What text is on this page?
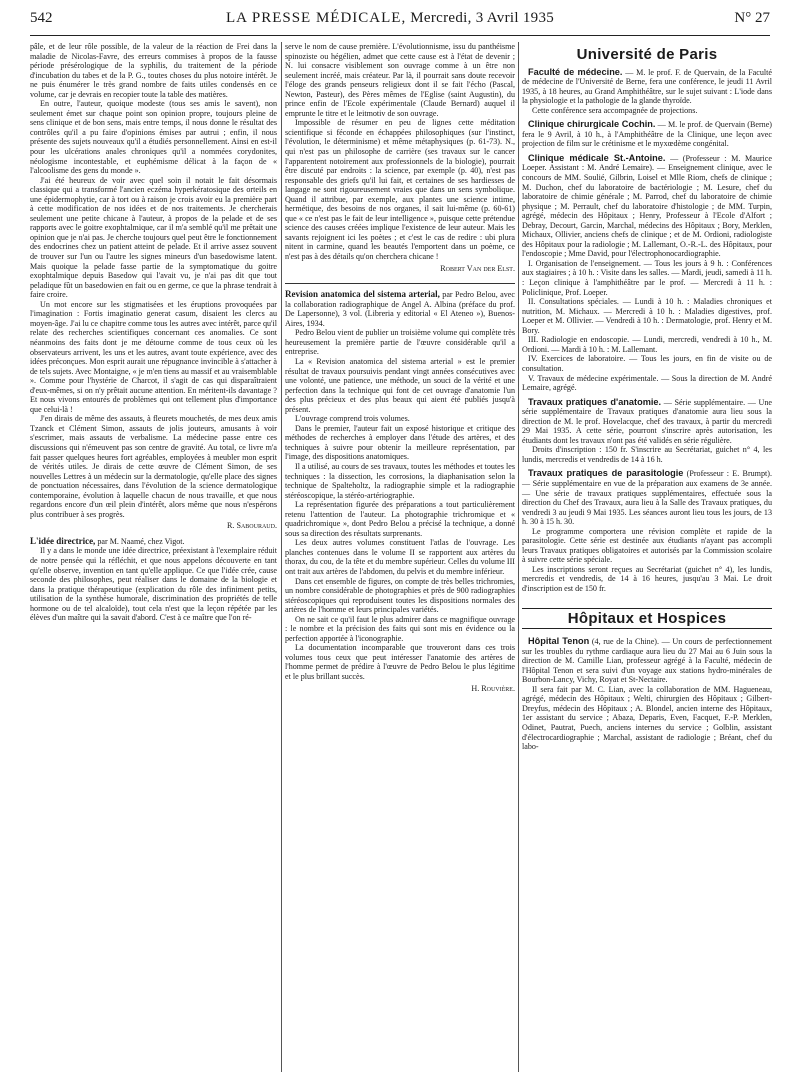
542	LA PRESSE MÉDICALE, Mercredi, 3 Avril 1935	N° 27

pâle, et de leur rôle possible, de la valeur de la réaction de Frei dans la maladie de Nicolas-Favre, des erreurs commises à propos de la fausse période présérologique de la syphilis, du traitement de la période d'incubation du tabes et de la P. G., toutes choses du plus notoire intérêt. Je ne puis énumérer le très grand nombre de faits utiles condensés en ce volume, car je devrais en recopier toute la table des matières.

En outre, l'auteur, quoique modeste (tous ses amis le savent), non seulement émet sur chaque point son opinion propre, toujours pleine de sens clinique et de bon sens, mais entre temps, il nous donne le résultat des contrôles qu'il a pu faire d'opinions émises par autrui ; enfin, il nous présente des sujets nouveaux qu'il a étudiés personnellement. Ainsi en est-il pour les ulcérations anales chroniques qu'il a nommées corydonites, néologisme incontestable, et euphémisme délicat à la façon de « l'alcoolisme des gens du monde ».

J'ai été heureux de voir avec quel soin il notait le fait désormais classique qui a transformé l'ancien eczéma hyperkératosique des orteils en une épidermophytie, car à tort ou à raison je crois avoir eu la première part à cette modification de nos idées et de nos traitements. Je chercherais seulement une petite chicane à l'auteur, à propos de la pelade et de ses rapports avec le goitre exophtalmique, car il m'a semblé qu'il me prêtait une opinion que je n'ai pas. Je cherche toujours quel peut être le fonctionnement des endocrines chez un patient atteint de pelade. Et il arrive assez souvent de trouver sur l'un ou l'autre les signes mineurs d'un basedowisme latent. Mais quoique la pelade fasse partie de la symptomatique du goitre exophtalmique depuis Basedow qui l'avait vu, je n'ai pas dit que tout peladique fût un basedowien en fait ou en germe, ce que la phrase tendrait à faire croire.

Un mot encore sur les stigmatisées et les éruptions provoquées par l'imagination : Fortis imaginatio generat casum, disaient les clercs au moyen-âge. J'ai lu ce chapitre comme tous les autres avec intérêt, parce qu'il relate des recherches scientifiques concernant ces anomalies. Ce sont néanmoins des faits dont je me détourne comme de tous ceux où les observateurs arrivent, les uns et les autres, avant toute expérience, avec des idées préconçues. Mon esprit aurait une répugnance invincible à s'attacher à de tels sujets. Avec Montaigne, « je m'en tiens au massif et au vraisemblable ». Comme pour l'hystérie de Charcot, il s'agit de cas qui disparaîtraient d'eux-mêmes, si on n'y prêtait aucune attention. En méritent-ils davantage ? Et nous vivons entourés de problèmes qui ont tellement plus d'importance que celui-là !

J'en dirais de même des assauts, à fleurets mouchetés, de mes deux amis Tzanck et Clément Simon, assauts de jolis jouteurs, amusants à voir s'escrimer, mais assauts de verbalisme. La médecine passe entre ces discussions qui n'émeuvent pas son centre de gravité. Au total, ce livre m'a fait passer quelques heures fort agréables, employées à meubler mon esprit de vérités utiles. Je dirais de cette œuvre de Clément Simon, de ses nouvelles Lettres à un médecin sur la dermatologie, qu'elle place des signes de ponctuation nécessaires, dans l'évolution de la science dermatologique contemporaine, évolution à laquelle chacun de nous travaille, et que nous regardons encore d'un œil plein d'intérêt, alors même que nous n'espérons plus contribuer à ses progrès.

R. Sabouraud.

L'idée directrice, par M. Naamé, chez Vigot.

Il y a dans le monde une idée directrice, préexistant à l'exemplaire réduit de notre pensée qui la réfléchit, et que nous appelons découverte en tant qu'elle observe, invention en tant qu'elle applique. Ce que l'idée crée, cause seconde des philosophes, peut réaliser dans le domaine de la biologie et dans la pratique thérapeutique (explication du rôle des infiniment petits, utilisation de la synthèse humorale, discrimination des propriétés de telle hormone ou de tel alcaloïde), tout cela n'est que la leçon répétée par les élèves d'un maître qui la savait d'abord. C'est à ce maître que l'on ré-

serve le nom de cause première. L'évolutionnisme, issu du panthéisme spinoziste ou hégélien, admet que cette cause est à l'état de devenir ; N. lui consacre visiblement son ouvrage comme à un être non seulement incréé, mais créateur. Par là, il pourrait sans doute recevoir l'éloge des grands penseurs religieux dont il se fait l'écho (Pascal, Newton, Pasteur), des Pères mêmes de l'Eglise (saint Augustin), du prince enfin de l'Ecole expérimentale (Claude Bernard) auquel il emprunte le titre et le leitmotiv de son ouvrage.

Impossible de résumer en peu de lignes cette méditation scientifique si féconde en échappées philosophiques (sur l'instinct, l'évolution, le déterminisme) et même métaphysiques (p. 61-73). N., qui n'est pas un philosophe de carrière (ses travaux sur le cancer l'apparentent notoirement aux professionnels de la biologie), pourrait être discuté par endroits : la science, par exemple (p. 40), n'est pas responsable des griefs qu'il lui fait, et certaines de ses hardiesses de langage ne sont rigoureusement vraies que dans un sens symbolique. Quand il attribue, par exemple, aux plantes une science intime, hermétique, des besoins de nos organes, il sait lui-même (p. 60-61) que « ce n'est pas le fait de leur intelligence », puisque cette prétendue science des causes créées implique l'existence de leur auteur. Mais les savants rejoignent ici les poètes ; et c'est le cas de redire : ubi plura nitent in carmine, quand les beautés l'emportent dans un poème, ce n'est pas à des détails qu'on cherchera chicane !

Robert Van der Elst.

Revision anatomica del sistema arterial, par Pedro Belou, avec la collaboration radiographique de Angel A. Albina (préface du prof. De Lapersonne), 3 vol. (Libreria y editorial « El Ateneo »), Buenos-Aires, 1934.

Pedro Belou vient de publier un troisième volume qui complète très heureusement la première partie de l'œuvre considérable qu'il a entreprise.

La « Revision anatomica del sistema arterial » est le premier résultat de travaux poursuivis pendant vingt années consécutives avec une volonté, une patience, une méthode, un souci de la vérité et une perfection dans la technique qui font de cet ouvrage d'anatomie l'un des plus précieux et des plus beaux qui aient été publiés jusqu'à présent.

L'ouvrage comprend trois volumes.

Dans le premier, l'auteur fait un exposé historique et critique des méthodes de recherches à employer dans l'étude des artères, et des techniques à suivre pour obtenir la meilleure représentation, par l'image, des dispositions anatomiques.

Il a utilisé, au cours de ses travaux, toutes les méthodes et toutes les techniques : la dissection, les corrosions, la diaphanisation selon la technique de Spalteholtz, la radiographie simple et la radiographie stéréoscopique, la stéréo-artériographie.

La représentation figurée des préparations a tout particulièrement retenu l'attention de l'auteur. La photographie trichromique et « quadrichromique », dont Pedro Belou a précisé la technique, a donné sous sa direction des résultats surprenants.

Les deux autres volumes constituent l'atlas de l'ouvrage. Les planches contenues dans le volume II se rapportent aux artères du thorax, du cou, de la tête et du membre supérieur. Celles du volume III ont trait aux artères de l'abdomen, du pelvis et du membre inférieur.

Dans cet ensemble de figures, on compte de très belles trichromies, un nombre considérable de photographies et près de 900 radiographies stéréoscopiques qui reproduisent toutes les dispositions normales des artères de l'homme et leurs principales variétés.

On ne sait ce qu'il faut le plus admirer dans ce magnifique ouvrage : le nombre et la précision des faits qui sont mis en évidence ou la perfection apportée à l'iconographie.

La documentation incomparable que trouveront dans ces trois volumes tous ceux que peut intéresser l'anatomie des artères de l'homme permet de prédire à l'œuvre de Pedro Belou le plus légitime et le plus brillant succès.

H. Rouvière.
Université de Paris

Faculté de médecine. — M. le prof. F. de Quervain, de la Faculté de médecine de l'Université de Berne, fera une conférence, le jeudi 11 Avril 1935, à 18 heures, au Grand Amphithéâtre, sur le sujet suivant : L'iode dans la physiologie et la pathologie de la glande thyroïde.

Cette conférence sera accompagnée de projections.

Clinique chirurgicale Cochin. — M. le prof. de Quervain (Berne) fera le 9 Avril, à 10 h., à l'Amphithéâtre de la Clinique, une leçon avec projection de film sur le crétinisme et le myxœdème congénital.

Clinique médicale St.-Antoine. — (Professeur : M. Maurice Loeper. Assistant : M. André Lemaire). — Enseignement clinique, avec le concours de MM. Soulié, Gilbrin, Loisel et Mlle Riom, chefs de clinique ; M. Duchon, chef du laboratoire de bactériologie ; M. Lesure, chef du laboratoire de chimie générale ; M. Parrod, chef du laboratoire de chimie physique ; M. Perrault, chef du laboratoire d'histologie ; de MM. Turpin, agrégé, médecin des Hôpitaux ; Henry, Professeur à l'Ecole d'Alfort ; Debray, Decourt, Garcin, Marchal, médecins des Hôpitaux ; Bory, Merklen, Michaux, Ollivier, anciens chefs de clinique ; et de M. Ordioni, radiologiste des Hôpitaux pour la radiologie ; M. Lallemant, O.-R.-L. des Hôpitaux, pour l'endoscopie ; Mme David, pour l'électrophonocardiographie.

I. Organisation de l'enseignement. — Tous les jours à 9 h. : Conférences aux stagiaires ; à 10 h. : Visite dans les salles. — Mardi, jeudi, samedi à 11 h. : Leçon clinique à l'amphithéâtre par le prof. — Mercredi à 11 h. : Policlinique, Prof. Loeper.

II. Consultations spéciales. — Lundi à 10 h. : Maladies chroniques et nutrition, M. Michaux. — Mercredi à 10 h. : Maladies digestives, prof. Loeper et M. Ollivier. — Vendredi à 10 h. : Dermatologie, prof. Henry et M. Bory.

III. Radiologie en endoscopie. — Lundi, mercredi, vendredi à 10 h., M. Ordioni. — Mardi à 10 h. : M. Lallemant.

IV. Exercices de laboratoire. — Tous les jours, en fin de visite ou de consultation.

V. Travaux de médecine expérimentale. — Sous la direction de M. André Lemaire, agrégé.

Travaux pratiques d'anatomie. — Série supplémentaire. — Une série supplémentaire de Travaux pratiques d'anatomie aura lieu sous la direction de M. le prof. Hovelacque, chef des travaux, à partir du mercredi 29 Mai 1935. A cette série, pourront s'inscrire après autorisation, les étudiants dont les travaux n'ont pas été validés en série régulière.

Droits d'inscription : 150 fr. S'inscrire au Secrétariat, guichet n° 4, les lundis, mercredis et vendredis de 14 à 16 h.

Travaux pratiques de parasitologie (Professeur : E. Brumpt). — Série supplémentaire en vue de la préparation aux examens de 3e année. — Une série de travaux pratiques supplémentaires, effectuée sous la direction du Chef des Travaux, aura lieu à la Salle des Travaux pratiques, du vendredi 3 au jeudi 9 Mai 1935. Les séances auront lieu tous les jours, de 13 h. 30 à 15 h. 30.

Le programme comportera une révision complète et rapide de la parasitologie. Cette série est destinée aux étudiants n'ayant pas accompli leurs Travaux pratiques obligatoires et autorisés par la Commission scolaire à suivre cette série spéciale.

Les inscriptions seront reçues au Secrétariat (guichet n° 4), les lundis, mercredis et vendredis, de 14 à 16 heures, jusqu'au 3 Mai. Le droit d'inscription est de 150 fr.

Hôpitaux et Hospices

Hôpital Tenon (4, rue de la Chine). — Un cours de perfectionnement sur les troubles du rythme cardiaque aura lieu du 27 Mai au 6 Juin sous la direction de M. Camille Lian, professeur agrégé à la Faculté, médecin de l'Hôpital Tenon et sera suivi d'un voyage aux stations hydro-minérales de Bourbon-Lancy, Vichy, Royat et St-Nectaire.

Il sera fait par M. C. Lian, avec la collaboration de MM. Hagueneau, agrégé, médecin des Hôpitaux ; Welti, chirurgien des Hôpitaux ; Gilbert-Dreyfus, médecin des Hôpitaux ; A. Blondel, ancien interne des Hôpitaux, 1er assistant du service ; Abaza, Deparis, Even, Facquet, F.-P. Merklen, Odinet, Pautrat, Puech, anciens internes du service ; Golblin, assistant d'électrocardiographie ; Marchal, assistant de radiologie ; Bréant, chef du labo-
